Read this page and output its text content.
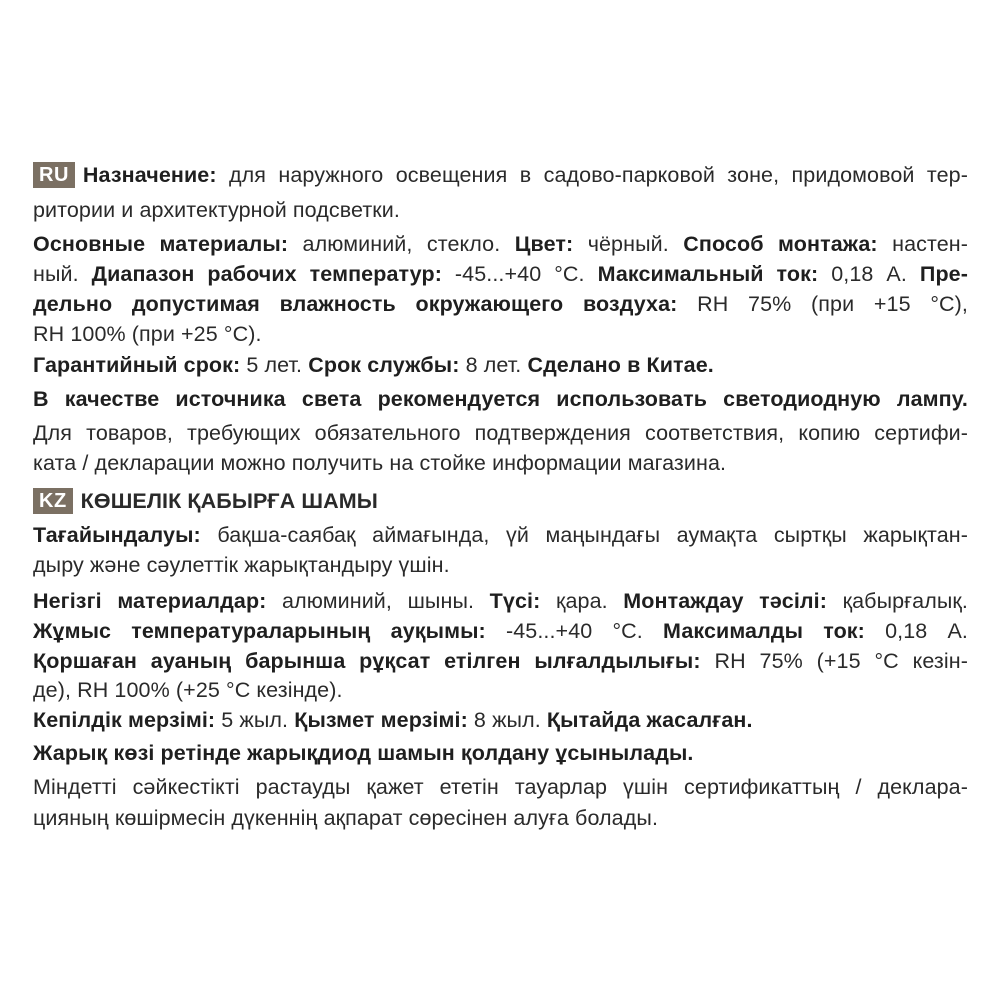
RU Назначение: для наружного освещения в садово-парковой зоне, придомовой тер-
ритории и архитектурной подсветки.
Основные материалы: алюминий, стекло. Цвет: чёрный. Способ монтажа: настен-
ный. Диапазон рабочих температур: -45...+40 °C. Максимальный ток: 0,18 А. Пре-
дельно допустимая влажность окружающего воздуха: RH 75% (при +15 °C),
RH 100% (при +25 °C).
Гарантийный срок: 5 лет. Срок службы: 8 лет. Сделано в Китае.
В качестве источника света рекомендуется использовать светодиодную лампу.
Для товаров, требующих обязательного подтверждения соответствия, копию сертифи-
ката / декларации можно получить на стойке информации магазина.
KZ КӨШЕЛІК ҚАБЫРҒА ШАМЫ
Тағайындалуы: бақша-саябақ аймағында, үй маңындағы аумақта сыртқы жарықтан-
дыру және сәулеттік жарықтандыру үшін.
Негізгі материалдар: алюминий, шыны. Түсі: қара. Монтаждау тәсілі: қабырғалық.
Жұмыс температураларының ауқымы: -45...+40 °C. Максималды ток: 0,18 А.
Қоршаған ауаның барынша рұқсат етілген ылғалдылығы: RH 75% (+15 °C кезін-
де), RH 100% (+25 °C кезінде).
Кепілдік мерзімі: 5 жыл. Қызмет мерзімі: 8 жыл. Қытайда жасалған.
Жарық көзі ретінде жарықдиод шамын қолдану ұсынылады.
Міндетті сәйкестікті растауды қажет ететін тауарлар үшін сертификаттың / деклара-
цияның көшірмесін дүкеннің ақпарат сөресінен алуға болады.
